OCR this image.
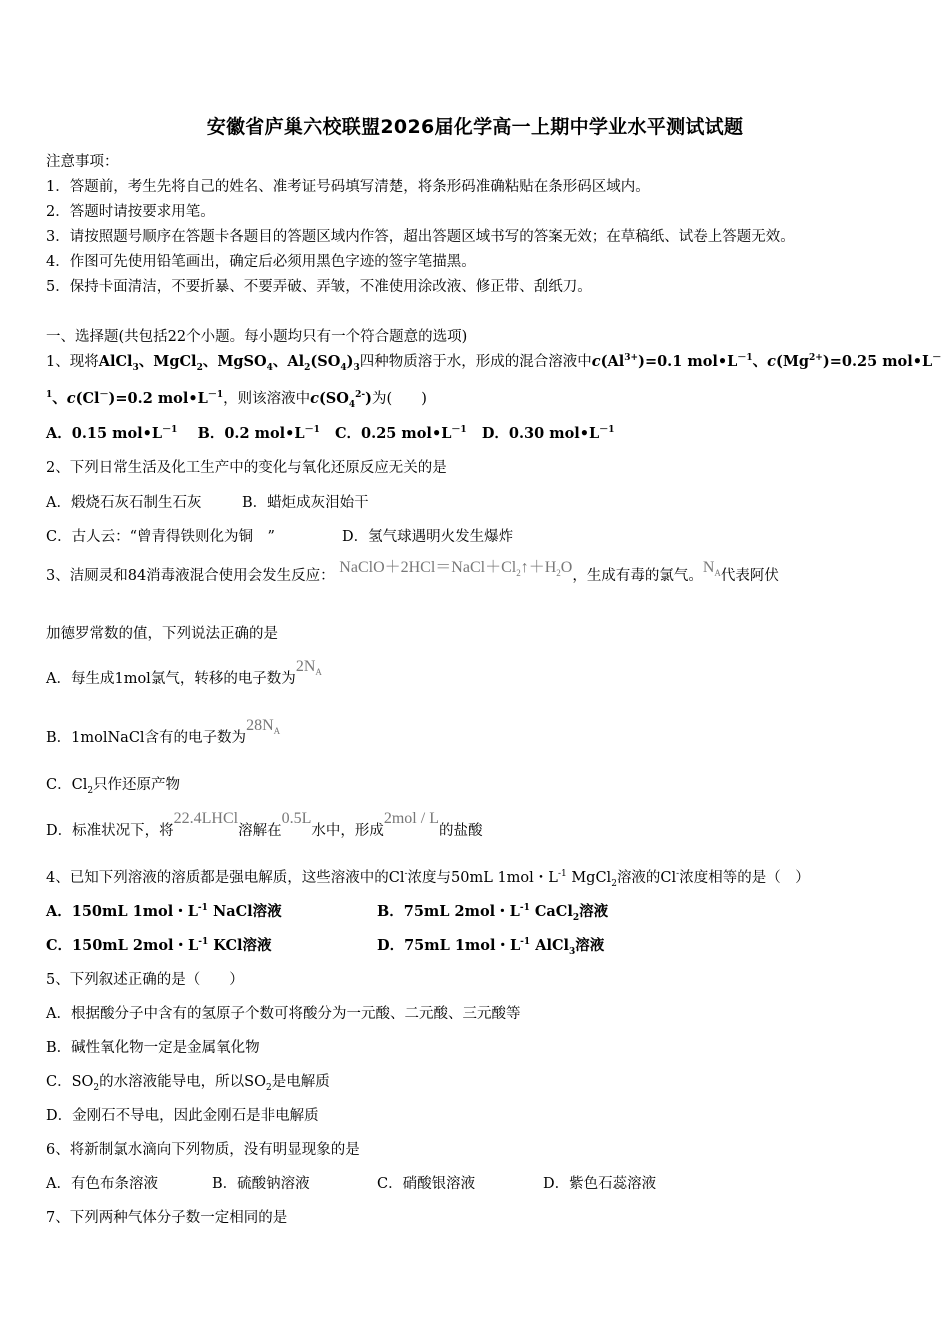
安徽省庐巢六校联盟2026届化学高一上期中学业水平测试试题
注意事项：
1．答题前，考生先将自己的姓名、准考证号码填写清楚，将条形码准确粘贴在条形码区域内。
2．答题时请按要求用笔。
3．请按照题号顺序在答题卡各题目的答题区域内作答，超出答题区域书写的答案无效；在草稿纸、试卷上答题无效。
4．作图可先使用铅笔画出，确定后必须用黑色字迹的签字笔描黑。
5．保持卡面清洁，不要折暴、不要弄破、弄皱，不准使用涂改液、修正带、刮纸刀。
一、选择题(共包括22个小题。每小题均只有一个符合题意的选项)
1、现将AlCl$_3$、MgCl$_2$、MgSO$_4$、$Al_2(SO_4)_3$四种物质溶于水，形成的混合溶液中$c(Al^{3+})=0.1$ $mol•L^{-1}$、$c(Mg^{2+})=0.25$ mol•L－
$^1$、c(Cl－)=0.2 $mol•L^{-1}$，则该溶液中$c(SO_4^{2-})$为(　　)
A．0.15 $mol•L^{-1}$ B．0.2 $mol•L^{-1}$ C．0.25 $mol•L^{-1}$ D．0.30 $mol•L^{-1}$
2、下列日常生活及化工生产中的变化与氧化还原反应无关的是
A．煅烧石灰石制生石灰	B．蜡炬成灰泪始干
C．古人云：“曾青得铁则化为铜　”	D．氢气球遇明火发生爆炸
3、洁厕灵和84消毒液混合使用会发生反应： $NaClO+2HCl=NaCl+Cl_2↑+H_2O$，生成有毒的氯气。$N_A$代表阿伏
加德罗常数的值，下列说法正确的是
A．每生成1mol氯气，转移的电子数为$2N_A$
B．1molNaCl含有的电子数为$28N_A$
C．$Cl_2$只作还原产物
D．标准状况下，将22.4LHCl溶解在0.5L水中，形成2mol / L的盐酸
4、已知下列溶液的溶质都是强电解质，这些溶液中的Cl-浓度与50mL 1mol・$L^{-1}$ MgCl$_2$溶液的Cl-浓度相等的是（　）
A．150mL 1mol・$L^{-1}$ NaCl溶液	B．75mL 2mol・$L^{-1}$ CaCl$_2$溶液
C．150mL 2mol・$L^{-1}$ KCl溶液	D．75mL 1mol・$L^{-1}$ AlCl$_3$溶液
5、下列叙述正确的是（　　）
A．根据酸分子中含有的氢原子个数可将酸分为一元酸、二元酸、三元酸等
B．碱性氧化物一定是金属氧化物
C．$SO_2$的水溶液能导电，所以$SO_2$是电解质
D．金刚石不导电，因此金刚石是非电解质
6、将新制氯水滴向下列物质，没有明显现象的是
A．有色布条溶液	B．硫酸钠溶液	C．硝酸银溶液	D．紫色石蕊溶液
7、下列两种气体分子数一定相同的是
